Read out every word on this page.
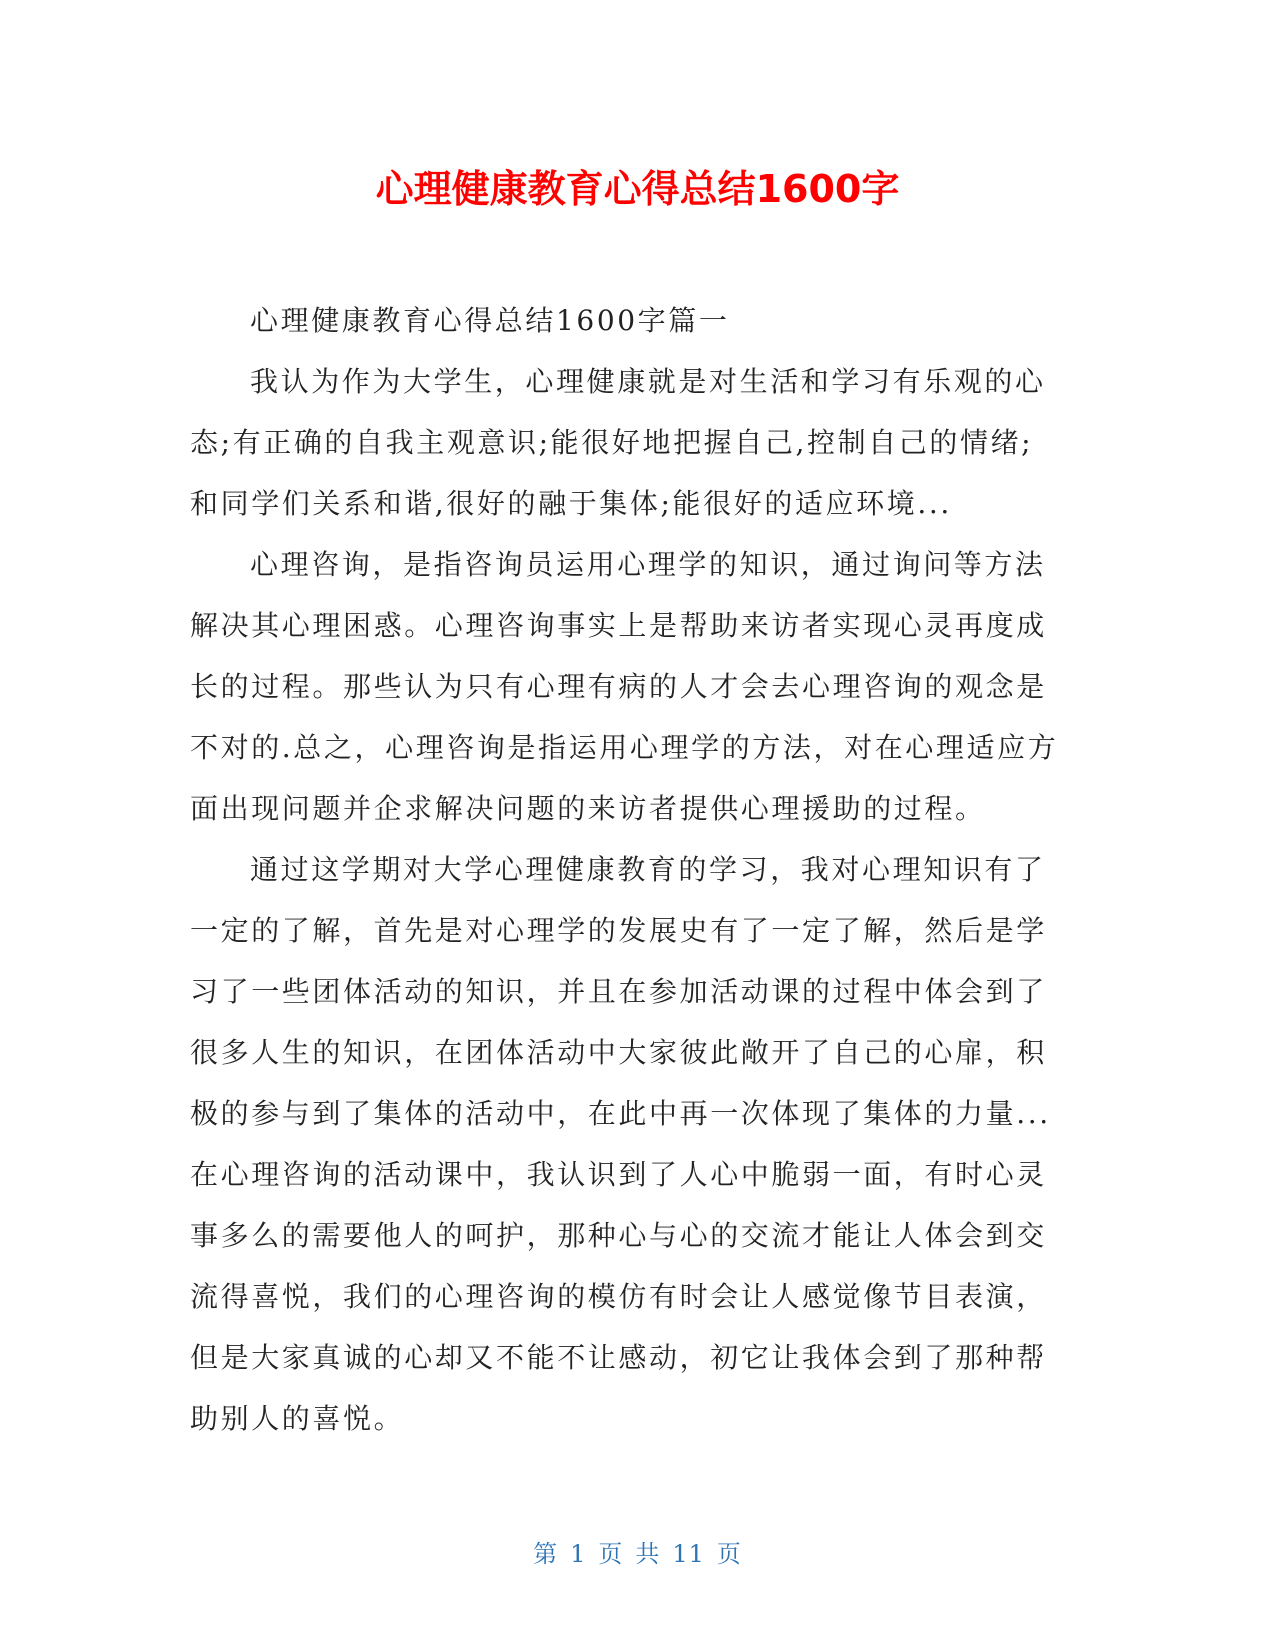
心理健康教育心得总结1600字

心理健康教育心得总结1600字篇一

我认为作为大学生，心理健康就是对生活和学习有乐观的心

态;有正确的自我主观意识;能很好地把握自己,控制自己的情绪;

和同学们关系和谐,很好的融于集体;能很好的适应环境...

心理咨询，是指咨询员运用心理学的知识，通过询问等方法

解决其心理困惑。心理咨询事实上是帮助来访者实现心灵再度成

长的过程。那些认为只有心理有病的人才会去心理咨询的观念是

不对的.总之，心理咨询是指运用心理学的方法，对在心理适应方

面出现问题并企求解决问题的来访者提供心理援助的过程。

通过这学期对大学心理健康教育的学习，我对心理知识有了

一定的了解，首先是对心理学的发展史有了一定了解，然后是学

习了一些团体活动的知识，并且在参加活动课的过程中体会到了

很多人生的知识，在团体活动中大家彼此敞开了自己的心扉，积

极的参与到了集体的活动中，在此中再一次体现了集体的力量...

在心理咨询的活动课中，我认识到了人心中脆弱一面，有时心灵

事多么的需要他人的呵护，那种心与心的交流才能让人体会到交

流得喜悦，我们的心理咨询的模仿有时会让人感觉像节目表演，

但是大家真诚的心却又不能不让感动，初它让我体会到了那种帮

助别人的喜悦。

第 1 页 共 11 页
